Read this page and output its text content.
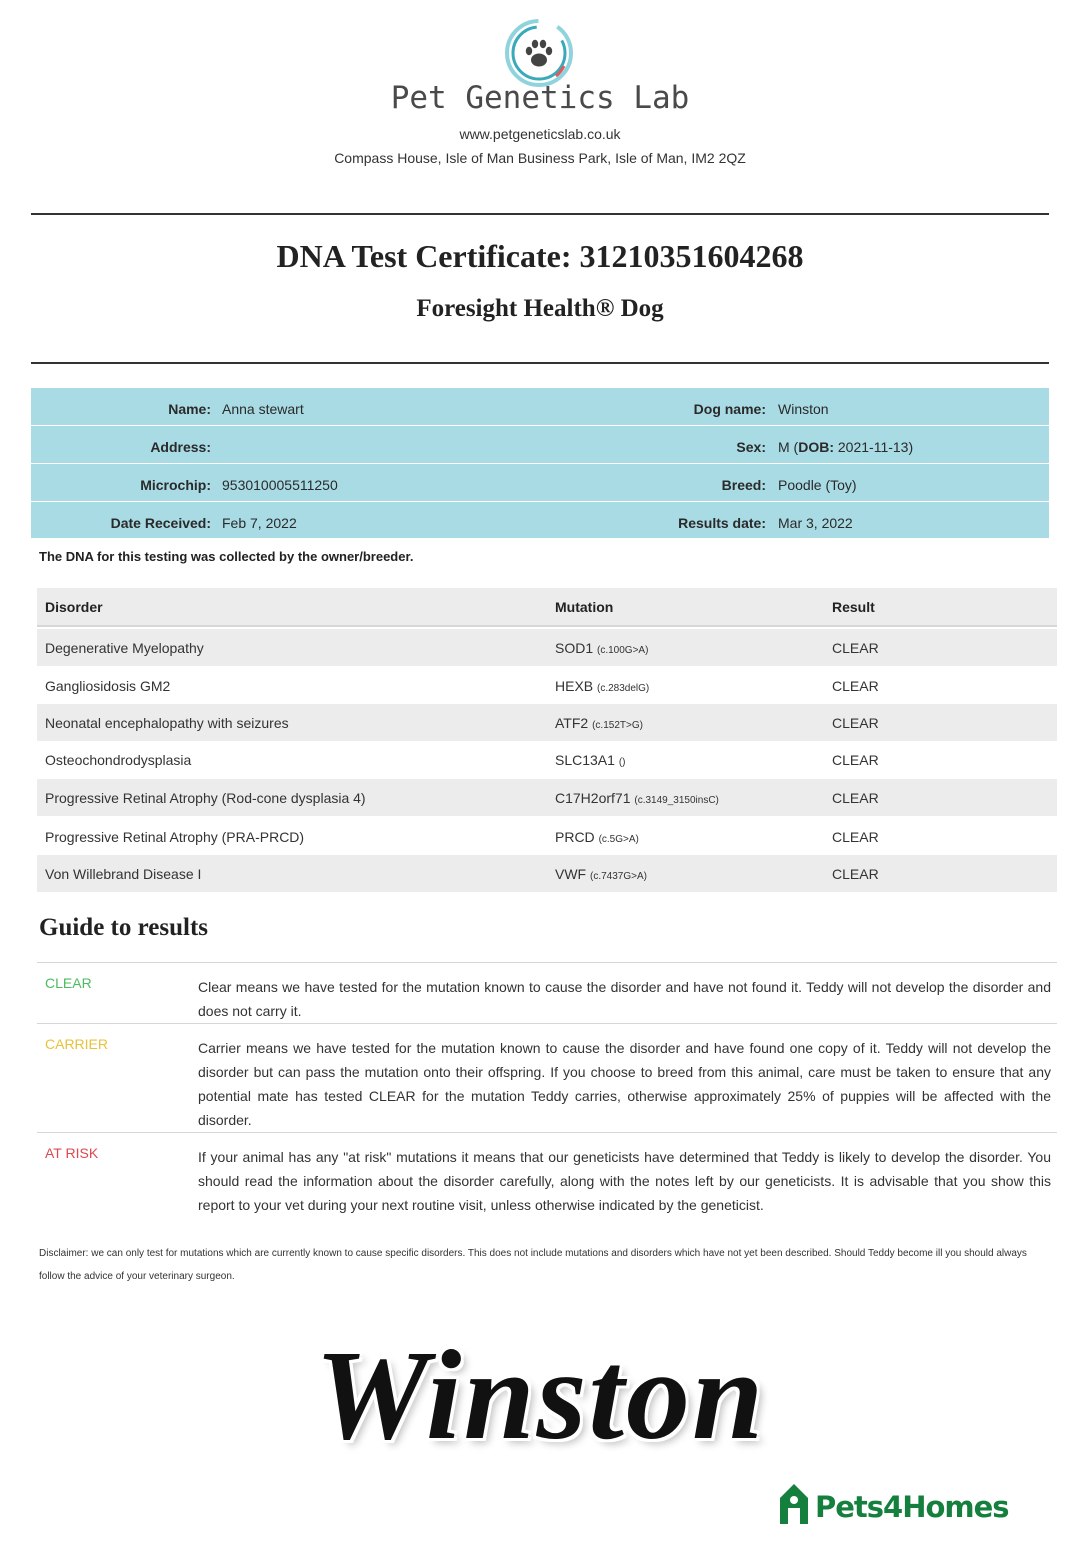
Pet Genetics Lab
www.petgeneticslab.co.uk
Compass House, Isle of Man Business Park, Isle of Man, IM2 2QZ
DNA Test Certificate: 3121035160426​8
Foresight Health® Dog
Name: Anna stewart	Dog name: Winston
Address:	Sex: M (DOB: 2021-11-13)
Microchip: 953010005511250	Breed: Poodle (Toy)
Date Received: Feb 7, 2022	Results date: Mar 3, 2022
The DNA for this testing was collected by the owner/breeder.
Disorder	Mutation	Result
Degenerative Myelopathy	SOD1 (c.100G>A)	CLEAR
Gangliosidosis GM2	HEXB (c.283delG)	CLEAR
Neonatal encephalopathy with seizures	ATF2 (c.152T>G)	CLEAR
Osteochondrodysplasia	SLC13A1 ()	CLEAR
Progressive Retinal Atrophy (Rod-cone dysplasia 4)	C17H2orf71 (c.3149_3150insC)	CLEAR
Progressive Retinal Atrophy (PRA-PRCD)	PRCD (c.5G>A)	CLEAR
Von Willebrand Disease I	VWF (c.7437G>A)	CLEAR
Guide to results
CLEAR	Clear means we have tested for the mutation known to cause the disorder and have not found it. Teddy will not develop the disorder and does not carry it.
CARRIER	Carrier means we have tested for the mutation known to cause the disorder and have found one copy of it. Teddy will not develop the disorder but can pass the mutation onto their offspring. If you choose to breed from this animal, care must be taken to ensure that any potential mate has tested CLEAR for the mutation Teddy carries, otherwise approximately 25% of puppies will be affected with the disorder.
AT RISK	If your animal has any "at risk" mutations it means that our geneticists have determined that Teddy is likely to develop the disorder. You should read the information about the disorder carefully, along with the notes left by our geneticists. It is advisable that you show this report to your vet during your next routine visit, unless otherwise indicated by the geneticist.
Disclaimer: we can only test for mutations which are currently known to cause specific disorders. This does not include mutations and disorders which have not yet been described. Should Teddy become ill you should always follow the advice of your veterinary surgeon.
Winston
Pets4Homes
